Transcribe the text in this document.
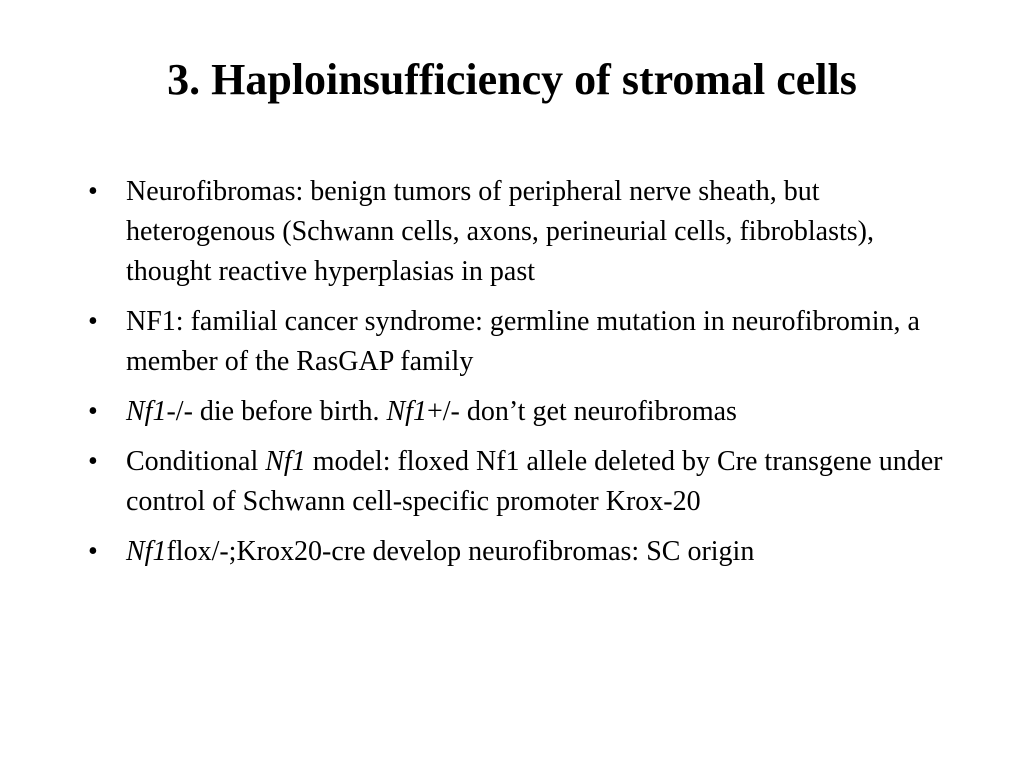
3. Haploinsufficiency of stromal cells
• Neurofibromas: benign tumors of peripheral nerve sheath, but heterogenous (Schwann cells, axons, perineurial cells, fibroblasts), thought reactive hyperplasias in past
• NF1: familial cancer syndrome: germline mutation in neurofibromin, a member of the RasGAP family
• Nf1-/- die before birth. Nf1+/- don’t get neurofibromas
• Conditional Nf1 model: floxed Nf1 allele deleted by Cre transgene under control of Schwann cell-specific promoter Krox-20
• Nf1flox/-;Krox20-cre develop neurofibromas: SC origin
